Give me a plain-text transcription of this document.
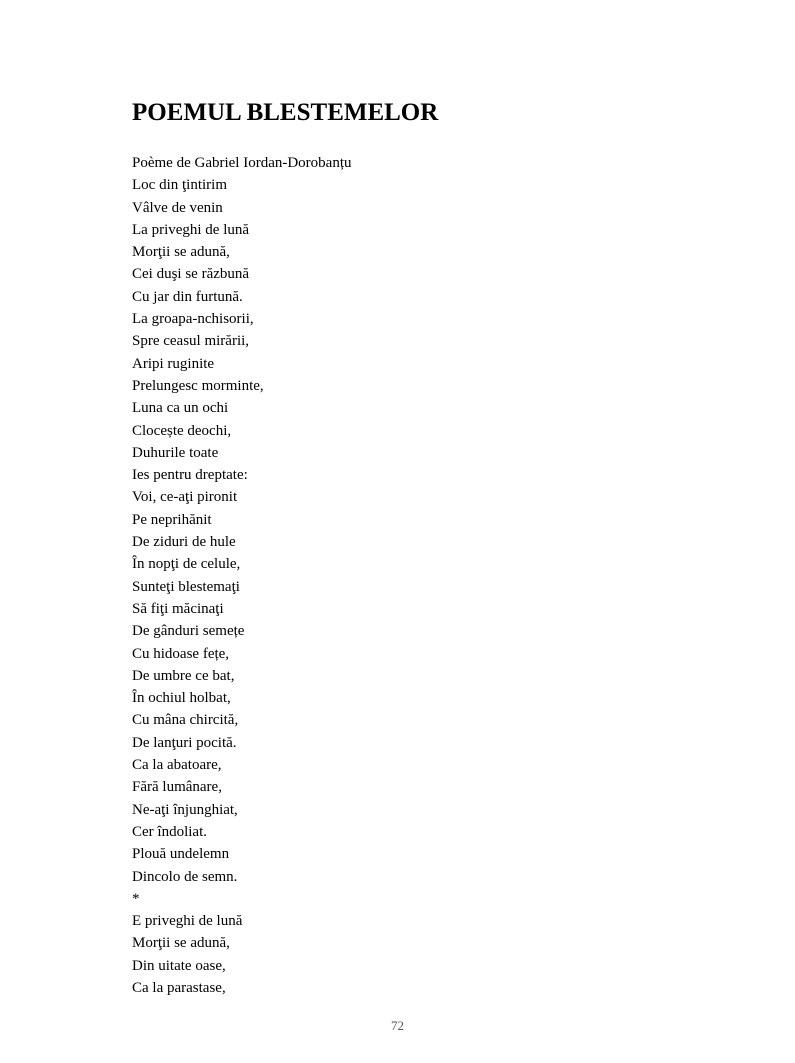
POEMUL BLESTEMELOR
Poème de Gabriel Iordan-Dorobanțu
Loc din ţintirim
Vâlve de venin
La priveghi de lună
Morţii se adună,
Cei duşi se răzbună
Cu jar din furtună.
La groapa-nchisorii,
Spre ceasul mirării,
Aripi ruginite
Prelungesc morminte,
Luna ca un ochi
Clocește deochi,
Duhurile toate
Ies pentru dreptate:
Voi, ce-aţi pironit
Pe neprihănit
De ziduri de hule
În nopţi de celule,
Sunteţi blestemaţi
Să fiţi măcinaţi
De gânduri semețe
Cu hidoase fețe,
De umbre ce bat,
În ochiul holbat,
Cu mâna chircită,
De lanţuri pocită.
Ca la abatoare,
Fără lumânare,
Ne-aţi înjunghiat,
Cer îndoliat.
Plouă undelemn
Dincolo de semn.
*
E priveghi de lună
Morţii se adună,
Din uitate oase,
Ca la parastase,
72
